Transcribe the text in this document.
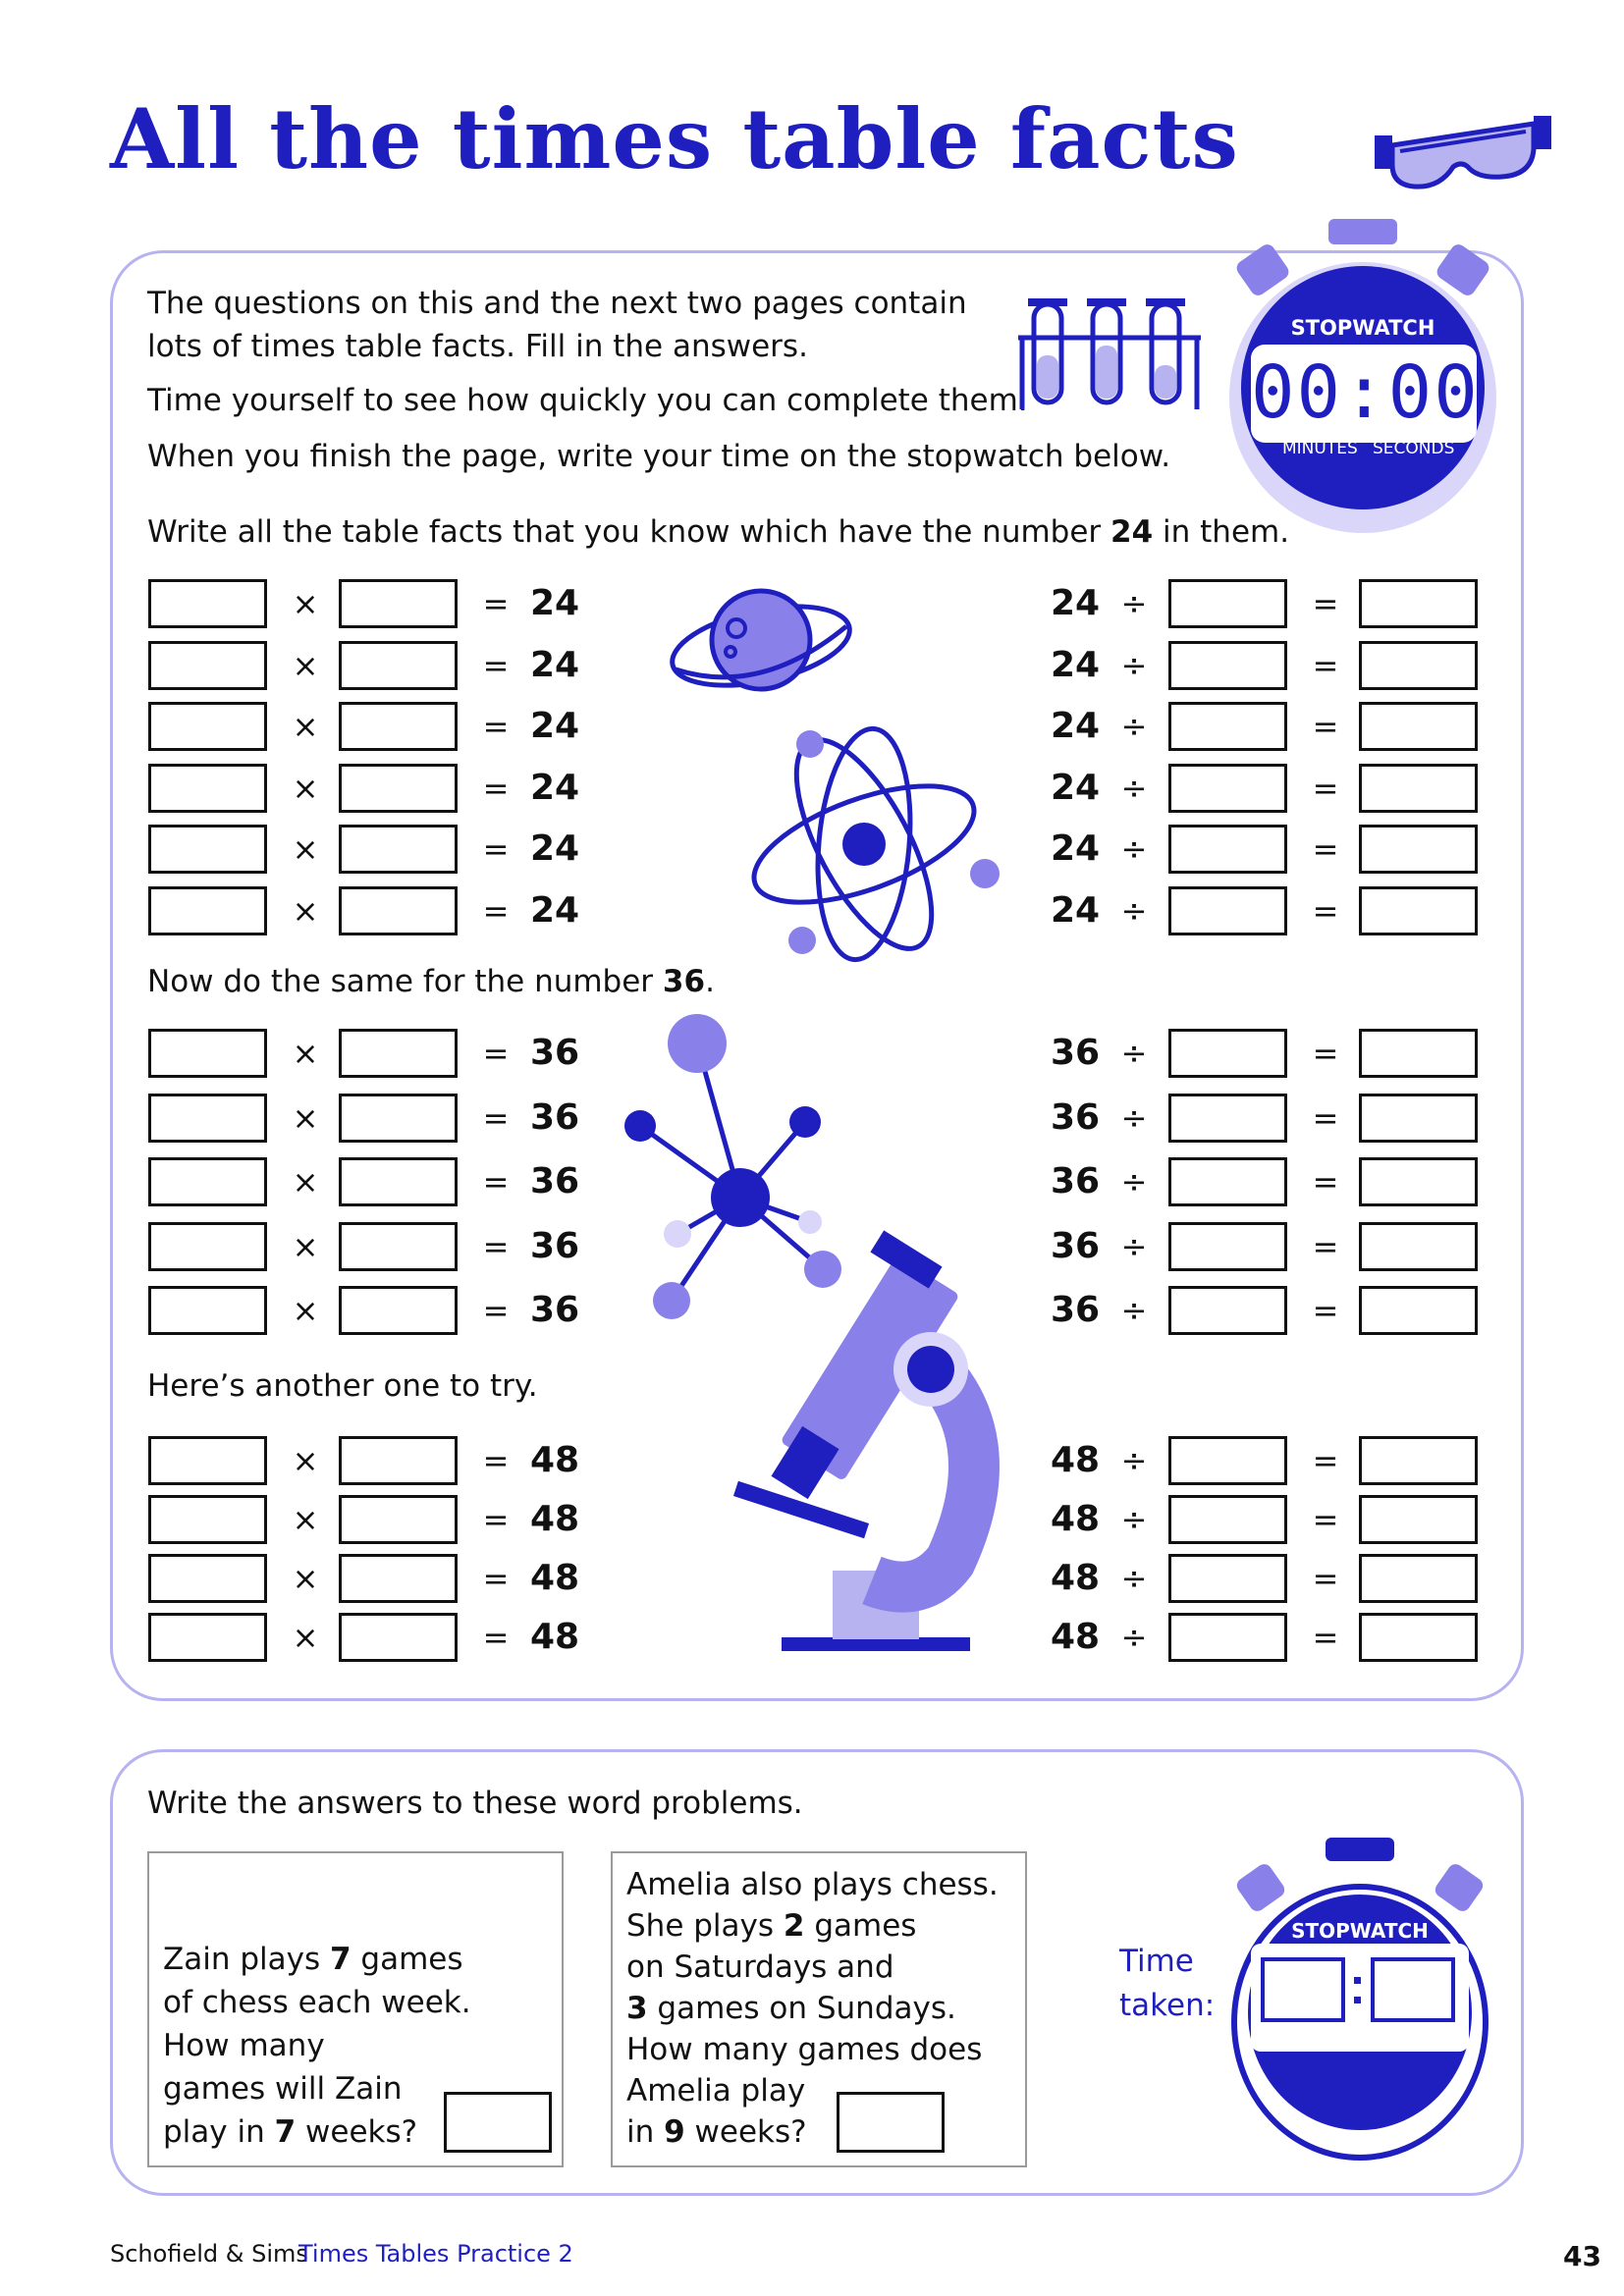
All the times table facts
The questions on this and the next two pages contain
lots of times table facts. Fill in the answers.
Time yourself to see how quickly you can complete them.
When you finish the page, write your time on the stopwatch below.
STOPWATCH
00:00
MINUTES SECONDS
Write all the table facts that you know which have the number 24 in them.
×	= 24	24 ÷	=
×	= 24	24 ÷	=
×	= 24	24 ÷	=
×	= 24	24 ÷	=
×	= 24	24 ÷	=
×	= 24	24 ÷	=
×	= 36	36 ÷	=
×	= 36	36 ÷	=
×	= 36	36 ÷	=
×	= 36	36 ÷	=
×	= 36	36 ÷	=
×	= 48	48 ÷	=
×	= 48	48 ÷	=
×	= 48	48 ÷	=
×	= 48	48 ÷	=
Now do the same for the number 36.
Here’s another one to try.
Write the answers to these word problems.
Zain plays 7 games
of chess each week.
How many
games will Zain
play in 7 weeks?
Amelia also plays chess.
She plays 2 games
on Saturdays and
3 games on Sundays.
How many games does
Amelia play
in 9 weeks?
Time
taken:
STOPWATCH
MINUTES SECONDS
Schofield & Sims
Times Tables Practice 2	43
